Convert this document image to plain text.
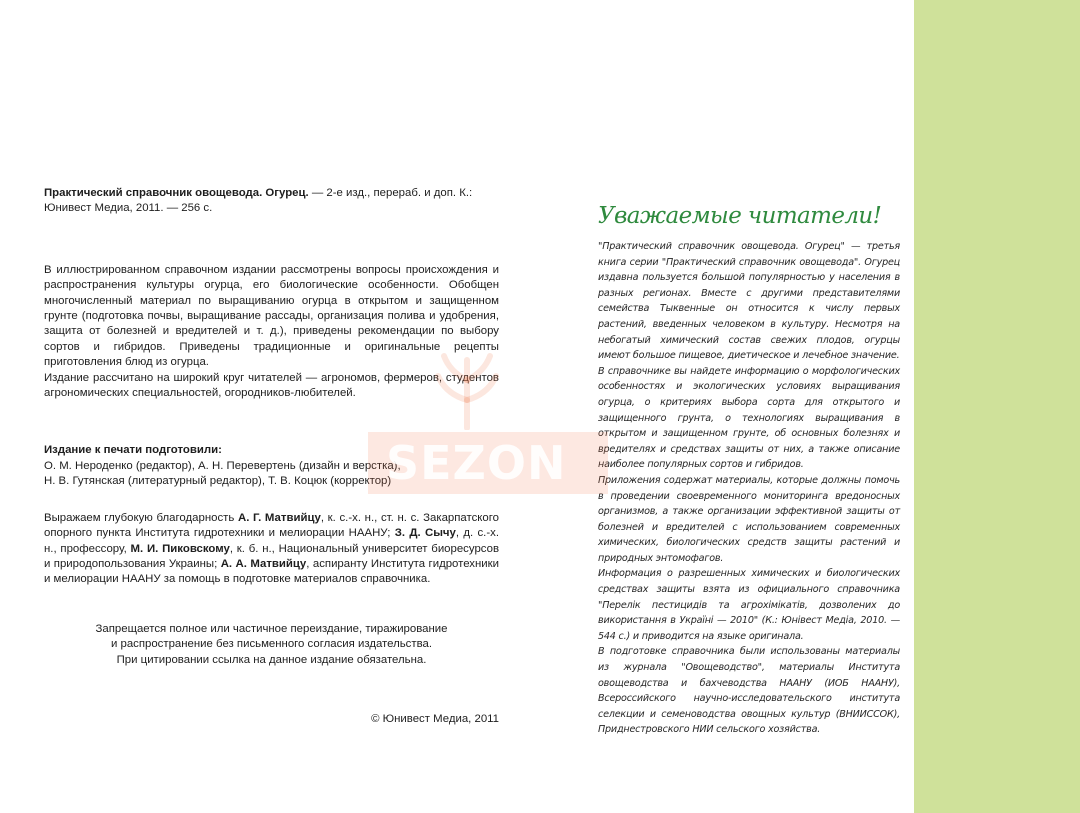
Практический справочник овощевода. Огурец. — 2-е изд., перераб. и доп. К.: Юнивест Медиа, 2011. — 256 с.

В иллюстрированном справочном издании рассмотрены вопросы происхождения и распространения культуры огурца, его биологические особенности. Обобщен многочисленный материал по выращиванию огурца в открытом и защищенном грунте (подготовка почвы, выращивание рассады, организация полива и удобрения, защита от болезней и вредителей и т. д.), приведены рекомендации по выбору сортов и гибридов. Приведены традиционные и оригинальные рецепты приготовления блюд из огурца.
Издание рассчитано на широкий круг читателей — агрономов, фермеров, студентов агрономических специальностей, огородников-любителей.

Издание к печати подготовили:

О. М. Нероденко (редактор), А. Н. Перевертень (дизайн и верстка),

Н. В. Гутянская (литературный редактор), Т. В. Коцюк (корректор)

Выражаем глубокую благодарность А. Г. Матвийцу, к. с.-х. н., ст. н. с. Закарпатского опорного пункта Института гидротехники и мелиорации НААНУ; З. Д. Сычу, д. с.-х. н., профессору, М. И. Пиковскому, к. б. н., Национальный университет биоресурсов и природопользования Украины; А. А. Матвийцу, аспиранту Института гидротехники и мелиорации НААНУ за помощь в подготовке материалов справочника.

Запрещается полное или частичное переиздание, тиражирование
и распространение без письменного согласия издательства.
При цитировании ссылка на данное издание обязательна.

© Юнивест Медиа, 2011

Уважаемые читатели!

"Практический справочник овощевода. Огурец" — третья книга серии "Практический справочник овощевода". Огурец издавна пользуется большой популярностью у населения в разных регионах. Вместе с другими представителями семейства Тыквенные он относится к числу первых растений, введенных человеком в культуру. Несмотря на небогатый химический состав свежих плодов, огурцы имеют большое пищевое, диетическое и лечебное значение.

В справочнике вы найдете информацию о морфологических особенностях и экологических условиях выращивания огурца, о критериях выбора сорта для открытого и защищенного грунта, о технологиях выращивания в открытом и защищенном грунте, об основных болезнях и вредителях и средствах защиты от них, а также описание наиболее популярных сортов и гибридов.

Приложения содержат материалы, которые должны помочь в проведении своевременного мониторинга вредоносных организмов, а также организации эффективной защиты от болезней и вредителей с использованием современных химических, биологических средств защиты растений и природных энтомофагов.

Информация о разрешенных химических и биологических средствах защиты взята из официального справочника "Перелік пестицидів та агрохімікатів, дозволених до використання в Україні — 2010" (К.: Юнівест Медіа, 2010. — 544 с.) и приводится на языке оригинала.

В подготовке справочника были использованы материалы из журнала "Овощеводство", материалы Института овощеводства и бахчеводства НААНУ (ИОБ НААНУ), Всероссийского научно-исследовательского института селекции и семеноводства овощных культур (ВНИИССОК), Приднестровского НИИ сельского хозяйства.

SEZON
